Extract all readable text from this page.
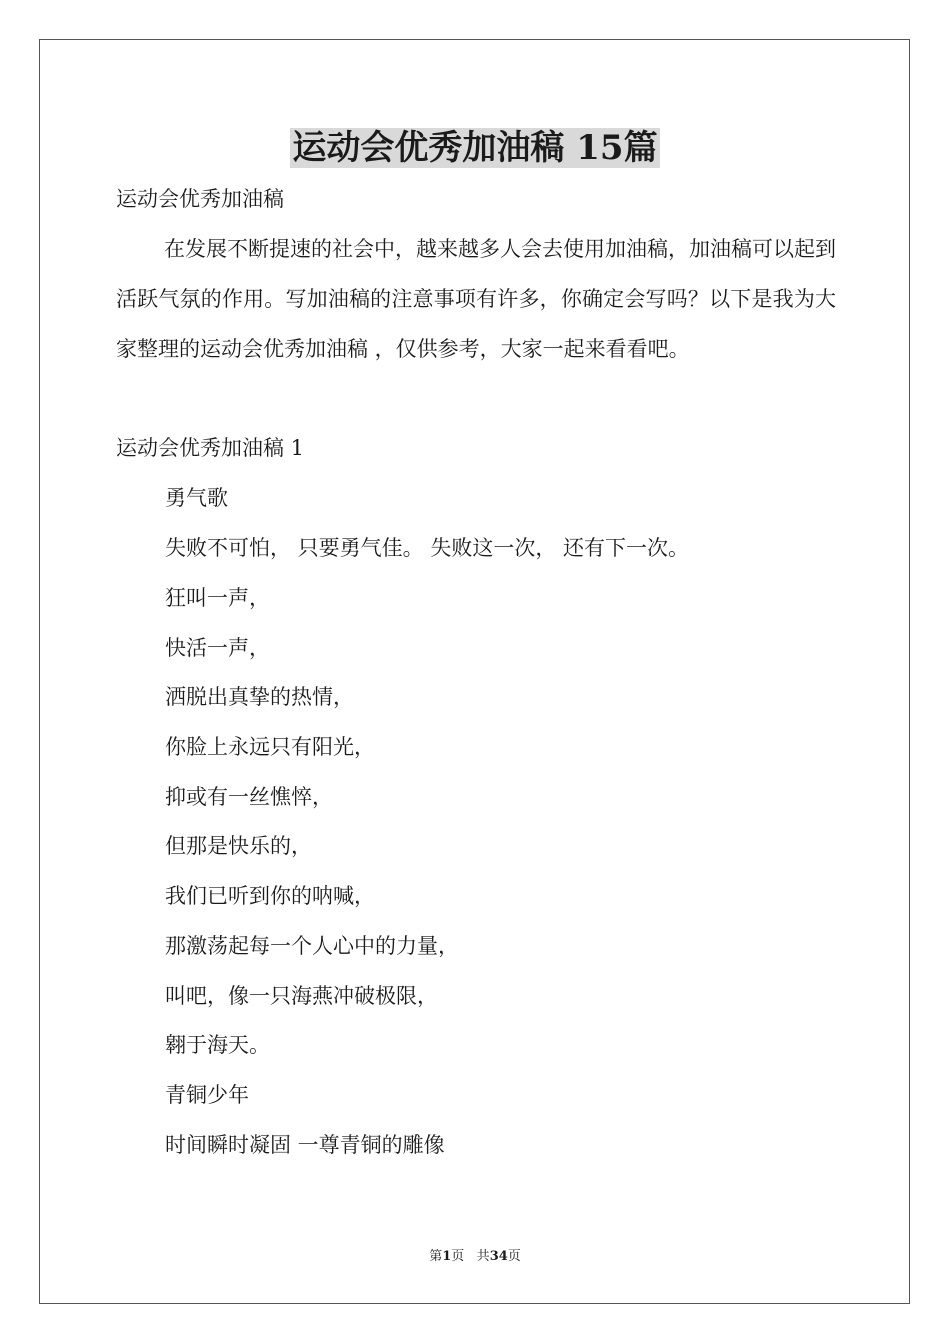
运动会优秀加油稿 15篇

运动会优秀加油稿

在发展不断提速的社会中，越来越多人会去使用加油稿，加油稿可以起到活跃气氛的作用。写加油稿的注意事项有许多，你确定会写吗？以下是我为大家整理的运动会优秀加油稿 ，仅供参考，大家一起来看看吧。

运动会优秀加油稿 1

勇气歌

失败不可怕， 只要勇气佳。 失败这一次， 还有下一次。

狂叫一声，

快活一声，

洒脱出真挚的热情，

你脸上永远只有阳光，

抑或有一丝憔悴，

但那是快乐的，

我们已听到你的呐喊，

那激荡起每一个人心中的力量，

叫吧，像一只海燕冲破极限，

翱于海天。

青铜少年

时间瞬时凝固 一尊青铜的雕像

第1页 共34页
